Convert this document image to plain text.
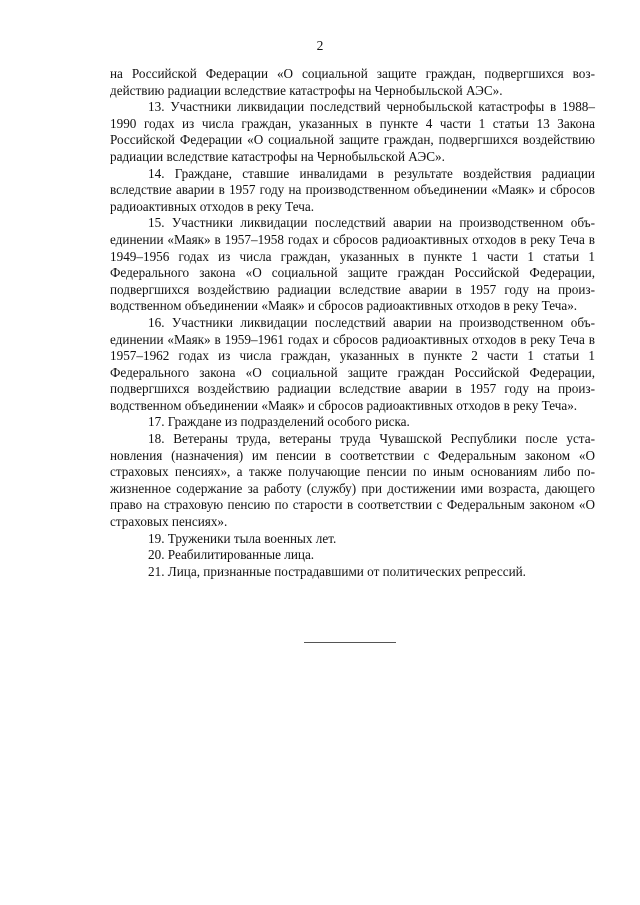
2

на Российской Федерации «О социальной защите граждан, подвергшихся воздействию радиации вследствие катастрофы на Чернобыльской АЭС».

13. Участники ликвидации последствий чернобыльской катастрофы в 1988–1990 годах из числа граждан, указанных в пункте 4 части 1 статьи 13 Закона Российской Федерации «О социальной защите граждан, подвергшихся воздействию радиации вследствие катастрофы на Чернобыльской АЭС».

14. Граждане, ставшие инвалидами в результате воздействия радиации вследствие аварии в 1957 году на производственном объединении «Маяк» и сбросов радиоактивных отходов в реку Теча.

15. Участники ликвидации последствий аварии на производственном объединении «Маяк» в 1957–1958 годах и сбросов радиоактивных отходов в реку Теча в 1949–1956 годах из числа граждан, указанных в пункте 1 части 1 статьи 1 Федерального закона «О социальной защите граждан Российской Федерации, подвергшихся воздействию радиации вследствие аварии в 1957 году на производственном объединении «Маяк» и сбросов радиоактивных отходов в реку Теча».

16. Участники ликвидации последствий аварии на производственном объединении «Маяк» в 1959–1961 годах и сбросов радиоактивных отходов в реку Теча в 1957–1962 годах из числа граждан, указанных в пункте 2 части 1 статьи 1 Федерального закона «О социальной защите граждан Российской Федерации, подвергшихся воздействию радиации вследствие аварии в 1957 году на производственном объединении «Маяк» и сбросов радиоактивных отходов в реку Теча».

17. Граждане из подразделений особого риска.

18. Ветераны труда, ветераны труда Чувашской Республики после установления (назначения) им пенсии в соответствии с Федеральным законом «О страховых пенсиях», а также получающие пенсии по иным основаниям либо пожизненное содержание за работу (службу) при достижении ими возраста, дающего право на страховую пенсию по старости в соответствии с Федеральным законом «О страховых пенсиях».

19. Труженики тыла военных лет.

20. Реабилитированные лица.

21. Лица, признанные пострадавшими от политических репрессий.
